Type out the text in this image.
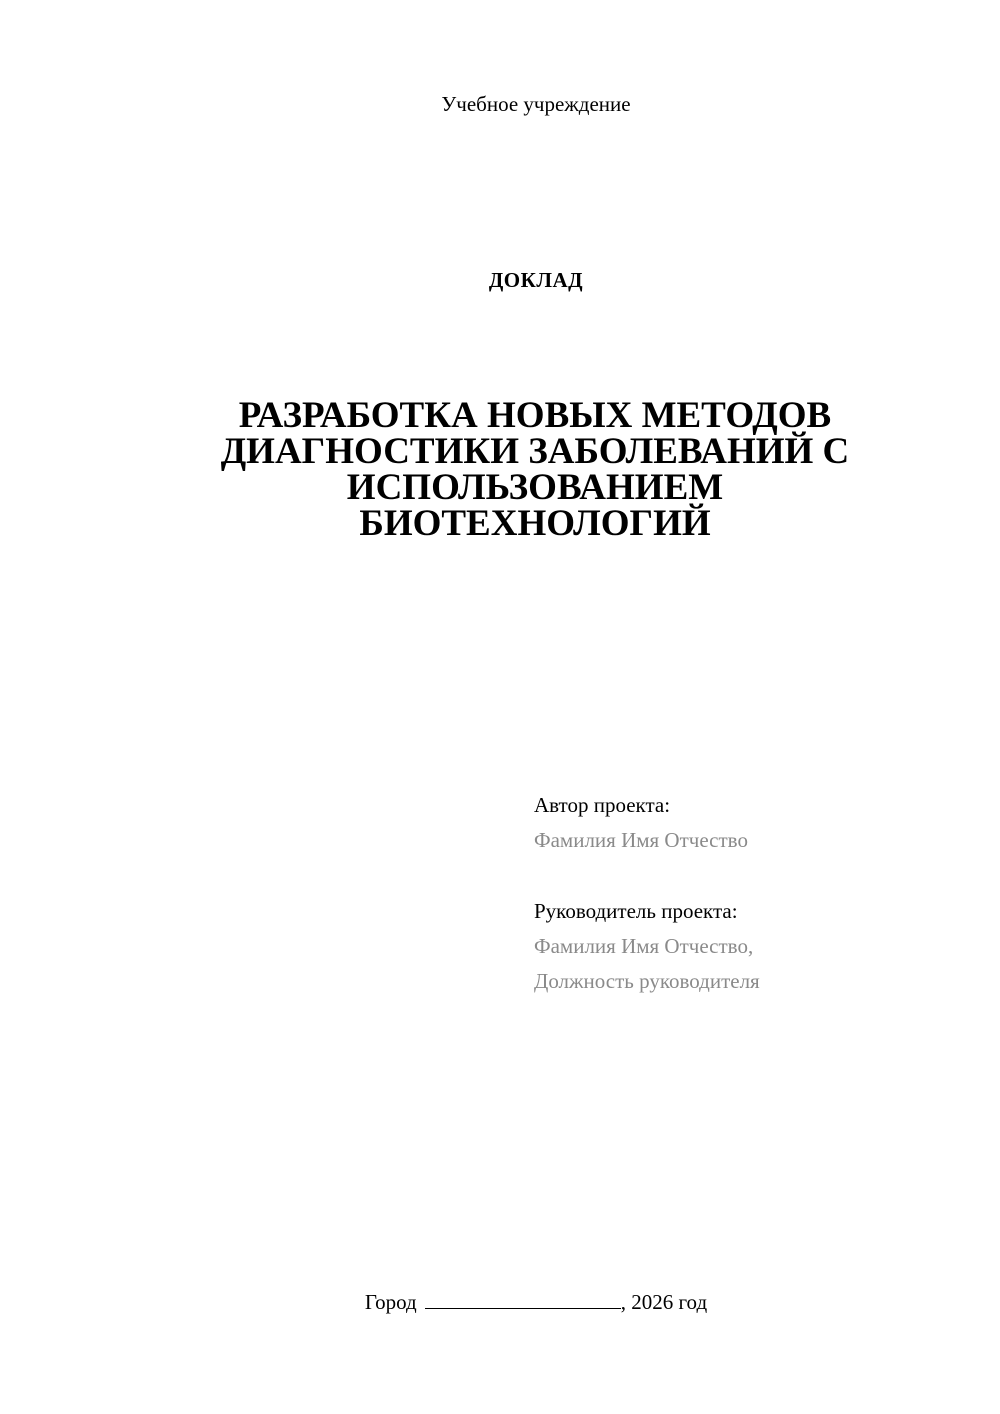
Учебное учреждение
ДОКЛАД
РАЗРАБОТКА НОВЫХ МЕТОДОВ
ДИАГНОСТИКИ ЗАБОЛЕВАНИЙ С
ИСПОЛЬЗОВАНИЕМ
БИОТЕХНОЛОГИЙ
Автор проекта:
Фамилия Имя Отчество
Руководитель проекта:
Фамилия Имя Отчество,
Должность руководителя
Город	, 2026 год
